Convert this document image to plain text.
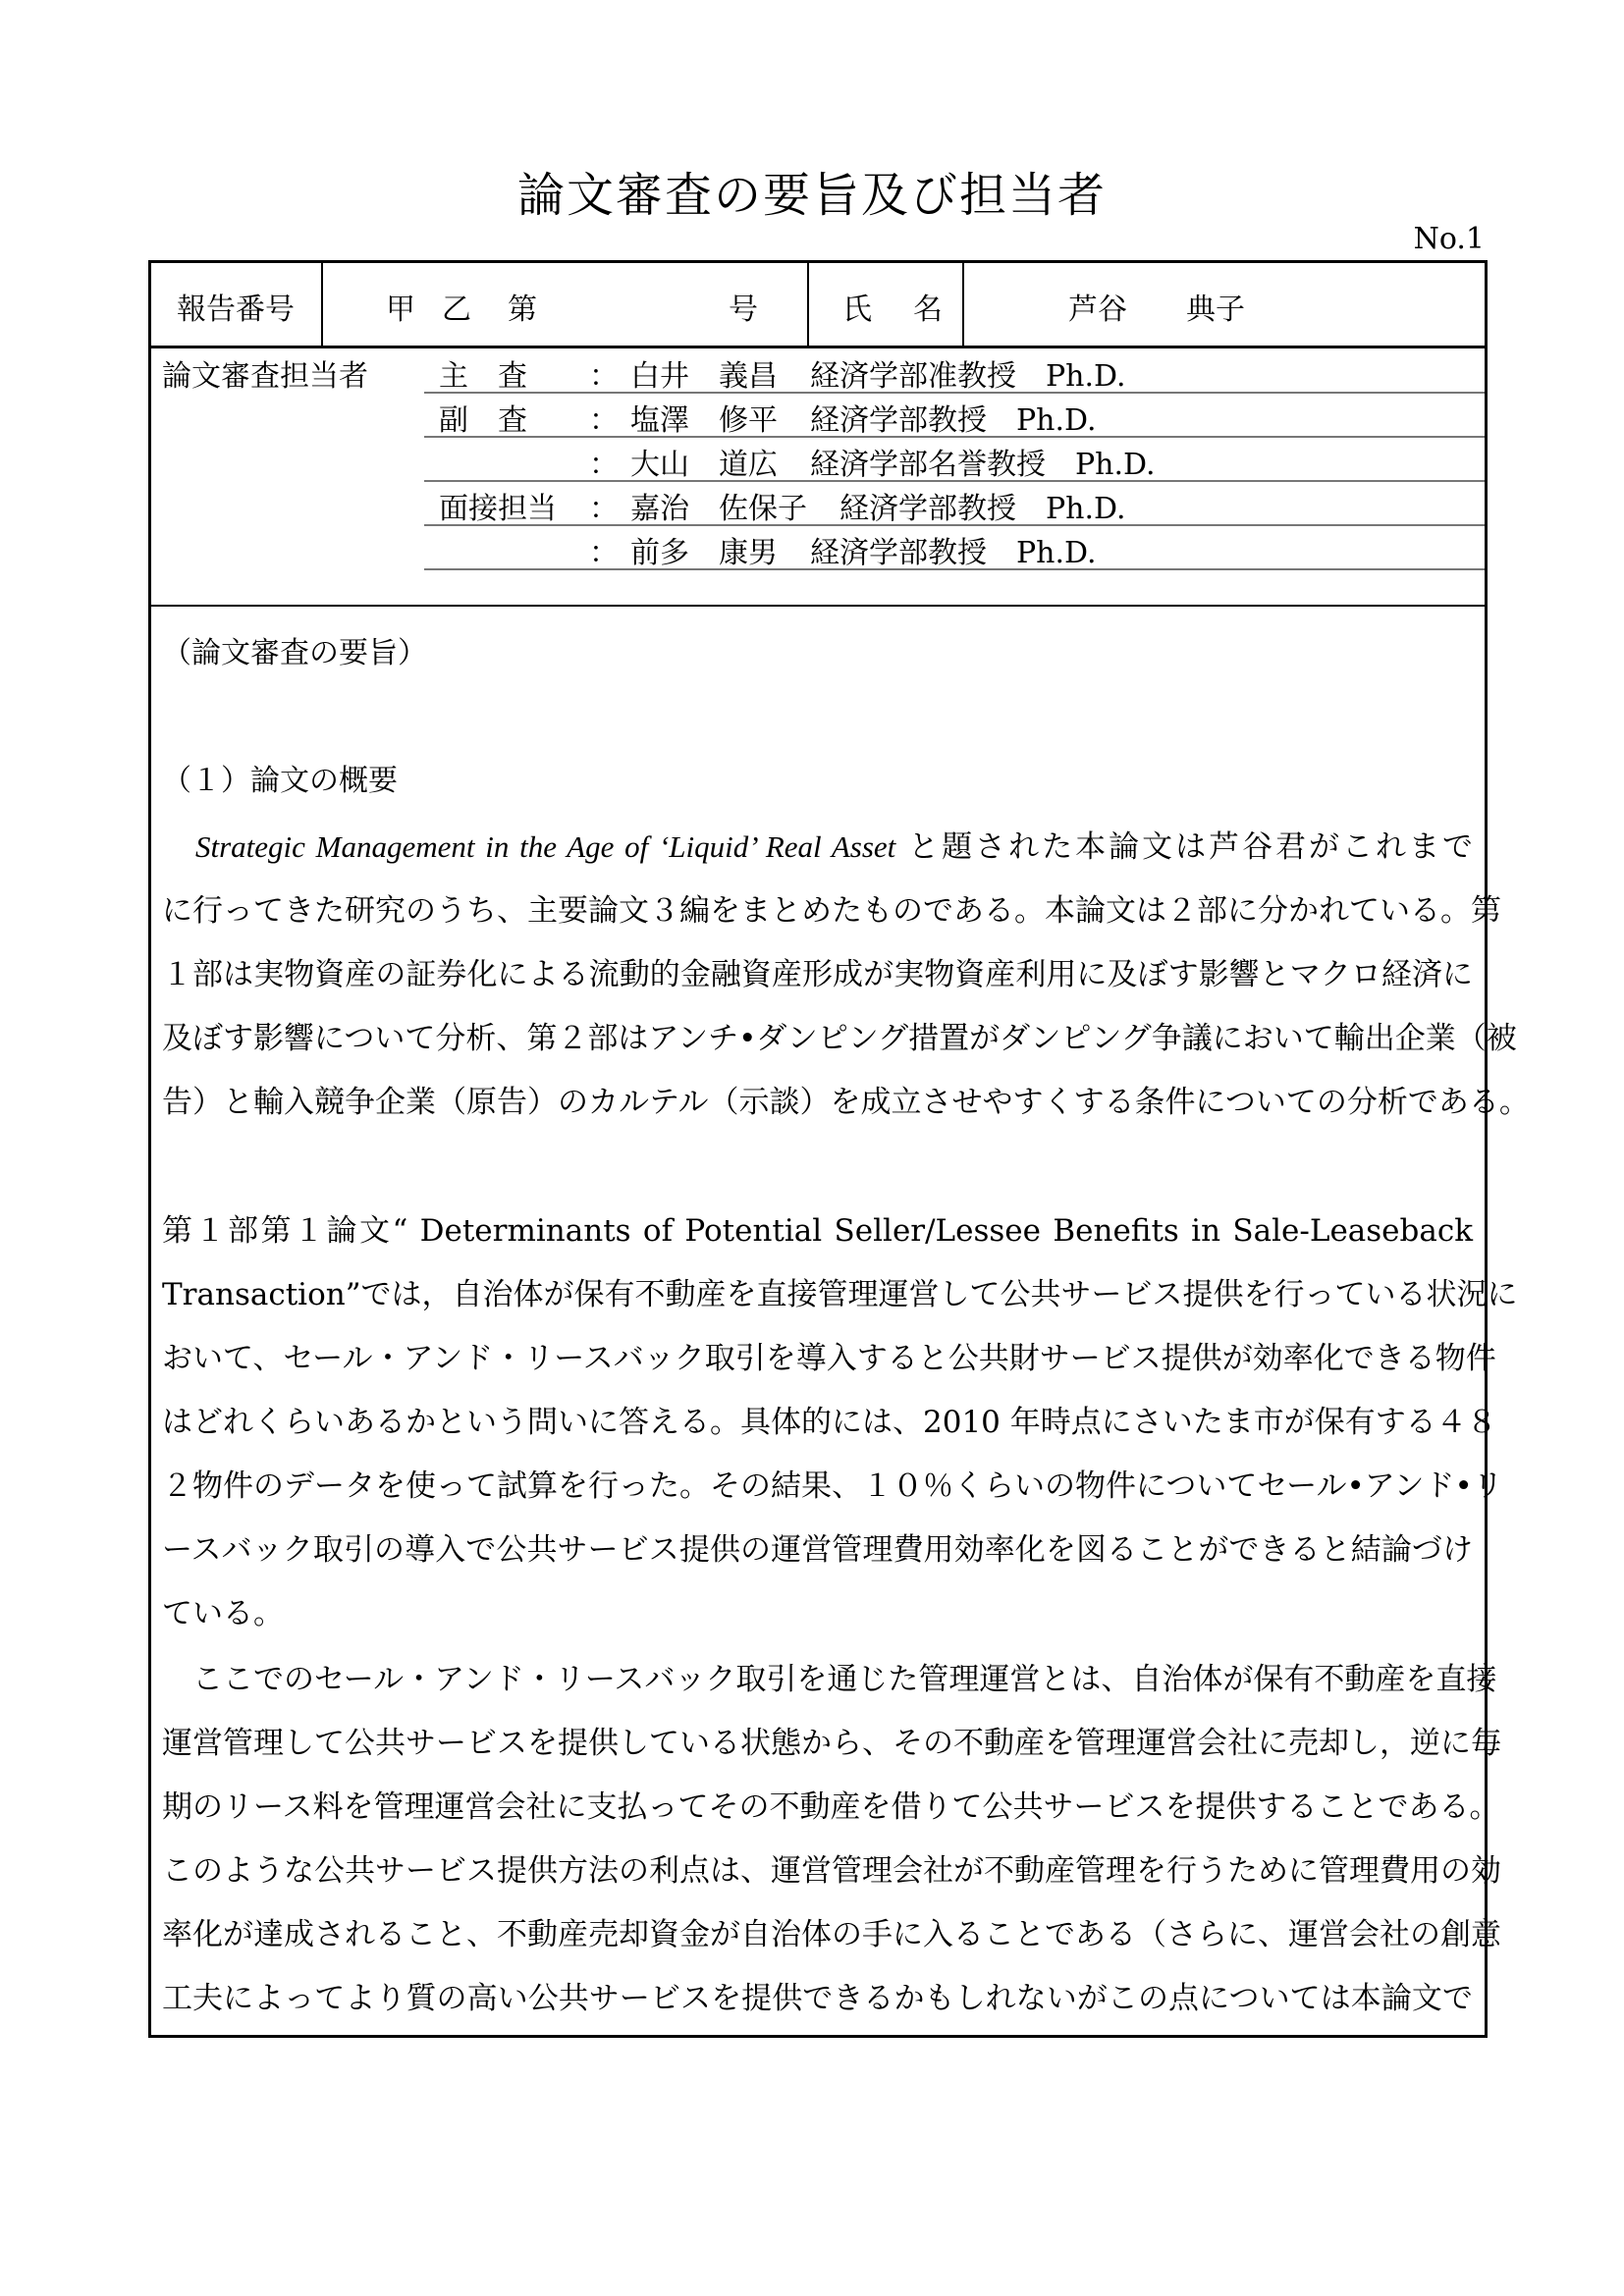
論文審査の要旨及び担当者
No.1
報告番号	甲 乙 第	号	氏 名	芦谷　　典子
論文審査担当者 主　査 ： 白井　義昌 経済学部准教授　Ph.D.
副　査 ： 塩澤　修平 経済学部教授　Ph.D.
： 大山　道広 経済学部名誉教授　Ph.D.
面接担当 ： 嘉治　佐保子 経済学部教授　Ph.D.
： 前多　康男 経済学部教授　Ph.D.
（論文審査の要旨）
（１）論文の概要
　Strategic Management in the Age of ‘Liquid’ Real Asset と題された本論文は芦谷君がこれまで
に行ってきた研究のうち、主要論文３編をまとめたものである。本論文は２部に分かれている。第
１部は実物資産の証券化による流動的金融資産形成が実物資産利用に及ぼす影響とマクロ経済に
及ぼす影響について分析、第２部はアンチ•ダンピング措置がダンピング争議において輸出企業（被
告）と輸入競争企業（原告）のカルテル（示談）を成立させやすくする条件についての分析である。
第１部第１論文“ Determinants of Potential Seller/Lessee Benefits in Sale-Leaseback
Transaction”では，自治体が保有不動産を直接管理運営して公共サービス提供を行っている状況に
おいて、セール・アンド・リースバック取引を導入すると公共財サービス提供が効率化できる物件
はどれくらいあるかという問いに答える。具体的には、2010 年時点にさいたま市が保有する４８
２物件のデータを使って試算を行った。その結果、１０％くらいの物件についてセール•アンド•リ
ースバック取引の導入で公共サービス提供の運営管理費用効率化を図ることができると結論づけ
ている。
　ここでのセール・アンド・リースバック取引を通じた管理運営とは、自治体が保有不動産を直接
運営管理して公共サービスを提供している状態から、その不動産を管理運営会社に売却し，逆に毎
期のリース料を管理運営会社に支払ってその不動産を借りて公共サービスを提供することである。
このような公共サービス提供方法の利点は、運営管理会社が不動産管理を行うために管理費用の効
率化が達成されること、不動産売却資金が自治体の手に入ることである（さらに、運営会社の創意
工夫によってより質の高い公共サービスを提供できるかもしれないがこの点については本論文で
